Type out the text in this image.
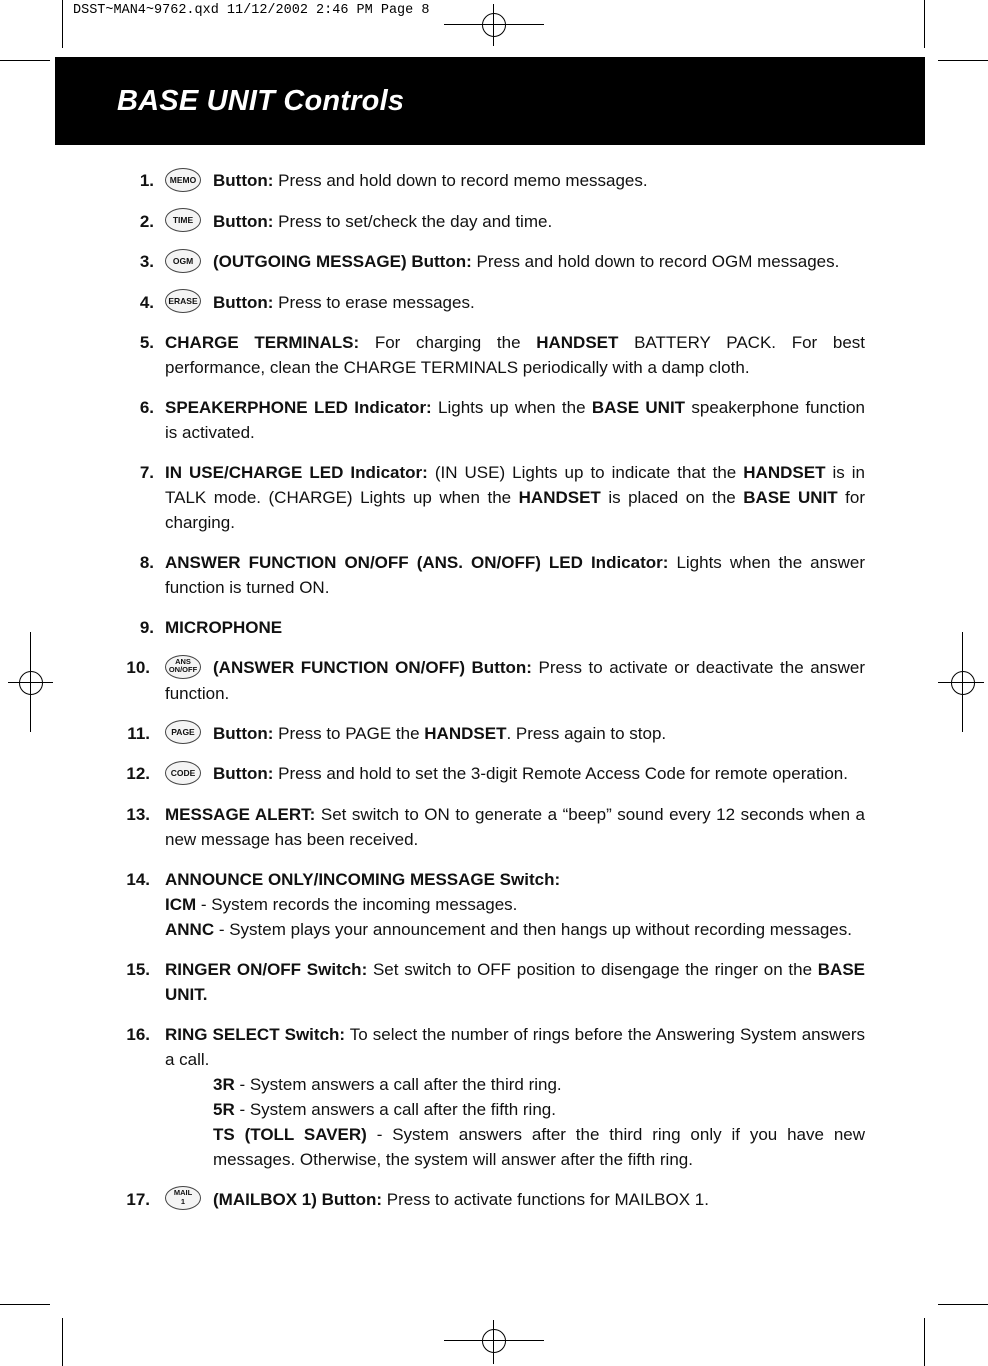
DSST~MAN4~9762.qxd 11/12/2002 2:46 PM Page 8
BASE UNIT Controls
1. MEMO Button: Press and hold down to record memo messages.
2. TIME Button: Press to set/check the day and time.
3. OGM (OUTGOING MESSAGE) Button: Press and hold down to record OGM messages.
4. ERASE Button: Press to erase messages.
5. CHARGE TERMINALS: For charging the HANDSET BATTERY PACK. For best performance, clean the CHARGE TERMINALS periodically with a damp cloth.
6. SPEAKERPHONE LED Indicator: Lights up when the BASE UNIT speakerphone function is activated.
7. IN USE/CHARGE LED Indicator: (IN USE) Lights up to indicate that the HANDSET is in TALK mode. (CHARGE) Lights up when the HANDSET is placed on the BASE UNIT for charging.
8. ANSWER FUNCTION ON/OFF (ANS. ON/OFF) LED Indicator: Lights when the answer function is turned ON.
9. MICROPHONE
10.	ANS
ON/OFF (ANSWER FUNCTION ON/OFF) Button: Press to activate or deactivate the answer function.
11.	PAGE Button: Press to PAGE the HANDSET. Press again to stop.
12. CODE Button: Press and hold to set the 3-digit Remote Access Code for remote operation.
13. MESSAGE ALERT: Set switch to ON to generate a “beep” sound every 12 seconds when a new message has been received.
14. ANNOUNCE ONLY/INCOMING MESSAGE Switch:
ICM - System records the incoming messages.
ANNC - System plays your announcement and then hangs up without recording messages.
15. RINGER ON/OFF Switch: Set switch to OFF position to disengage the ringer on the BASE UNIT.
16. RING SELECT Switch: To select the number of rings before the Answering System answers a call.
3R - System answers a call after the third ring.
5R - System answers a call after the fifth ring.
TS (TOLL SAVER) - System answers after the third ring only if you have new messages. Otherwise, the system will answer after the fifth ring.
17.	MAIL
1 (MAILBOX 1) Button: Press to activate functions for MAILBOX 1.
